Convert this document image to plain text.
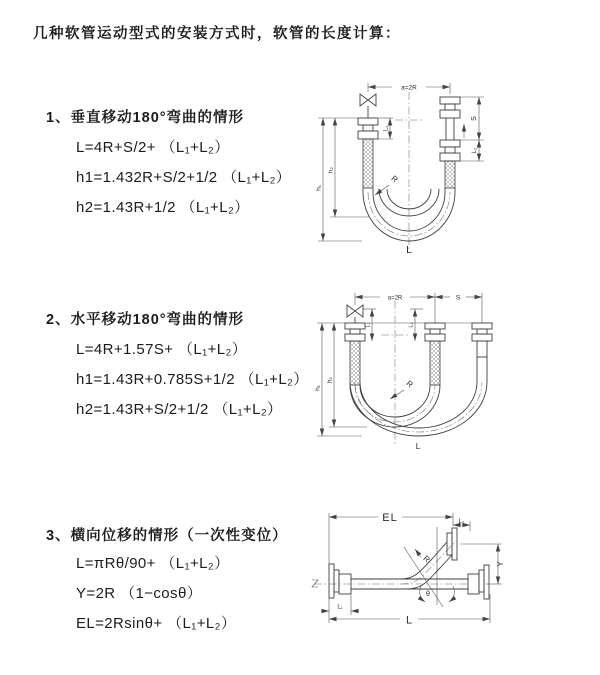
几种软管运动型式的安装方式时，软管的长度计算：
1、垂直移动180°弯曲的情形
L=4R+S/2+ （L₁+L₂）
h1=1.432R+S/2+1/2 （L₁+L₂）
h2=1.43R+1/2 （L₁+L₂）
2、水平移动180°弯曲的情形
L=4R+1.57S+ （L₁+L₂）
h1=1.43R+0.785S+1/2 （L₁+L₂）
h2=1.43R+S/2+1/2 （L₁+L₂）
3、横向位移的情形（一次性变位）
L=πRθ/90+ （L₁+L₂）
Y=2R （1−cosθ）
EL=2Rsinθ+ （L₁+L₂）
a=2R
L₁
S
L₂
h₁
h₂
R
L
a=2R	S
L₁	L₂
h₁
h₂	R
L
EL	L₂
Y
R
θ
L₁
L
